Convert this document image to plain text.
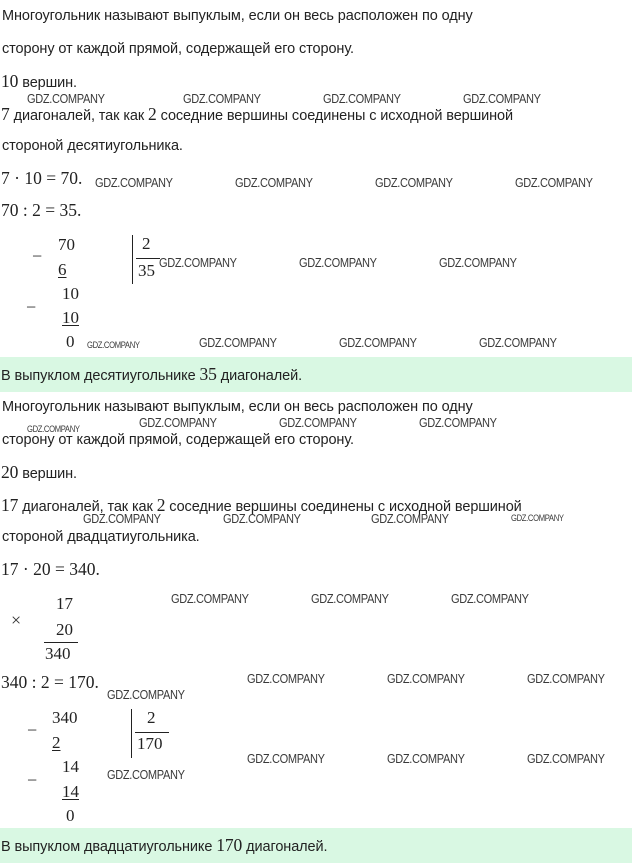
Многоугольник называют выпуклым, если он весь расположен по одну
сторону от каждой прямой, содержащей его сторону.
10 вершин.
7 диагоналей, так как 2 соседние вершины соединены с исходной вершиной
стороной десятиугольника.
7 · 10 = 70.
70 : 2 = 35.
−
70
6
−
10
10
0
2
35
В выпуклом десятиугольнике 35 диагоналей.
Многоугольник называют выпуклым, если он весь расположен по одну
сторону от каждой прямой, содержащей его сторону.
20 вершин.
17 диагоналей, так как 2 соседние вершины соединены с исходной вершиной
стороной двадцатиугольника.
17 · 20 = 340.
×
17
20
340
340 : 2 = 170.
−
340
2
−
14
14
0
2
170
В выпуклом двадцатиугольнике 170 диагоналей.
GDZ.COMPANY	GDZ.COMPANY	GDZ.COMPANY	GDZ.COMPANY
GDZ.COMPANY	GDZ.COMPANY	GDZ.COMPANY	GDZ.COMPANY
GDZ.COMPANY	GDZ.COMPANY	GDZ.COMPANY
GDZ.COMPANY	GDZ.COMPANY	GDZ.COMPANY	GDZ.COMPANY
GDZ.COMPANY	GDZ.COMPANY	GDZ.COMPANY	GDZ.COMPANY
GDZ.COMPANY	GDZ.COMPANY	GDZ.COMPANY	GDZ.COMPANY
GDZ.COMPANY	GDZ.COMPANY	GDZ.COMPANY
GDZ.COMPANY
GDZ.COMPANY	GDZ.COMPANY	GDZ.COMPANY
GDZ.COMPANY
GDZ.COMPANY	GDZ.COMPANY	GDZ.COMPANY
